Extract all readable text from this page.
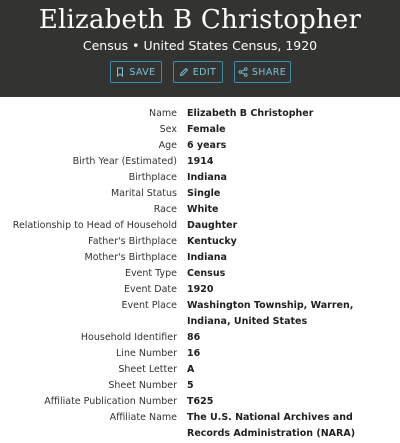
Elizabeth B Christopher
Census • United States Census, 1920
SAVE	EDIT	SHARE
Name	Elizabeth B Christopher
Sex	Female
Age	6 years
Birth Year (Estimated)	1914
Birthplace	Indiana
Marital Status	Single
Race	White
Relationship to Head of Household	Daughter
Father's Birthplace	Kentucky
Mother's Birthplace	Indiana
Event Type	Census
Event Date	1920
Event Place	Washington Township, Warren, Indiana, United States
Household Identifier	86
Line Number	16
Sheet Letter	A
Sheet Number	5
Affiliate Publication Number	T625
Affiliate Name	The U.S. National Archives and Records Administration (NARA)
